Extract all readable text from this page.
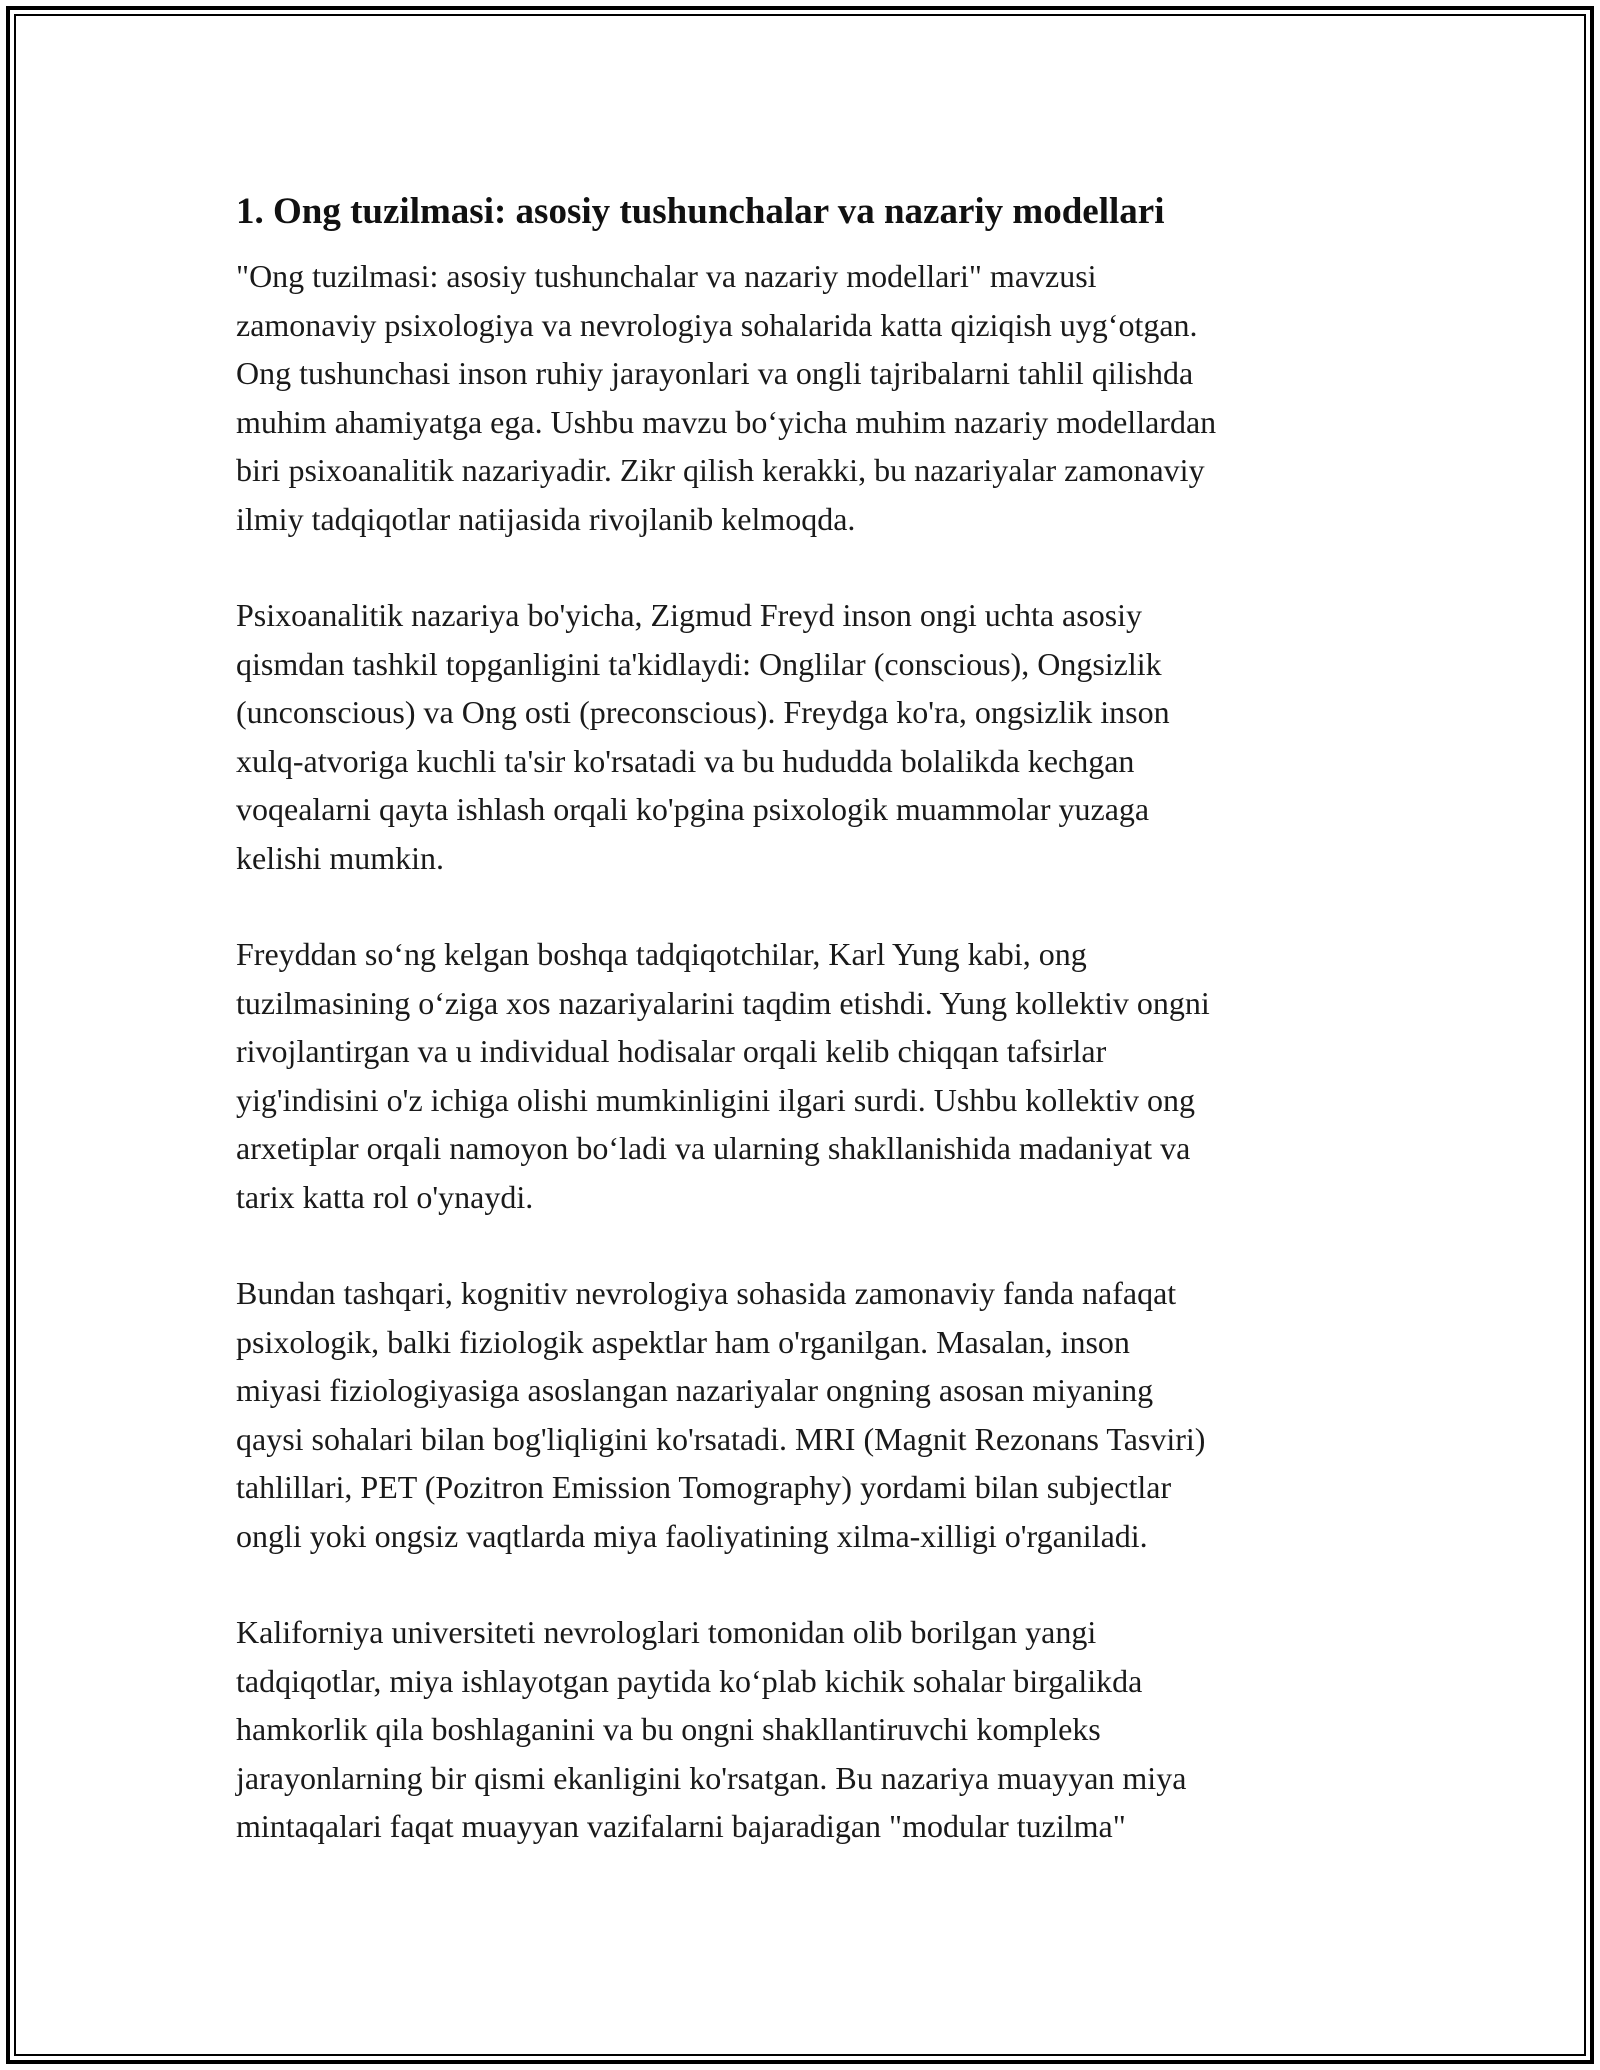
1. Ong tuzilmasi: asosiy tushunchalar va nazariy modellari

"Ong tuzilmasi: asosiy tushunchalar va nazariy modellari" mavzusi
zamonaviy psixologiya va nevrologiya sohalarida katta qiziqish uyg‘otgan.
Ong tushunchasi inson ruhiy jarayonlari va ongli tajribalarni tahlil qilishda
muhim ahamiyatga ega. Ushbu mavzu bo‘yicha muhim nazariy modellardan
biri psixoanalitik nazariyadir. Zikr qilish kerakki, bu nazariyalar zamonaviy
ilmiy tadqiqotlar natijasida rivojlanib kelmoqda.

Psixoanalitik nazariya bo'yicha, Zigmud Freyd inson ongi uchta asosiy
qismdan tashkil topganligini ta'kidlaydi: Onglilar (conscious), Ongsizlik
(unconscious) va Ong osti (preconscious). Freydga ko'ra, ongsizlik inson
xulq-atvoriga kuchli ta'sir ko'rsatadi va bu hududda bolalikda kechgan
voqealarni qayta ishlash orqali ko'pgina psixologik muammolar yuzaga
kelishi mumkin.

Freyddan so‘ng kelgan boshqa tadqiqotchilar, Karl Yung kabi, ong
tuzilmasining o‘ziga xos nazariyalarini taqdim etishdi. Yung kollektiv ongni
rivojlantirgan va u individual hodisalar orqali kelib chiqqan tafsirlar
yig'indisini o'z ichiga olishi mumkinligini ilgari surdi. Ushbu kollektiv ong
arxetiplar orqali namoyon bo‘ladi va ularning shakllanishida madaniyat va
tarix katta rol o'ynaydi.

Bundan tashqari, kognitiv nevrologiya sohasida zamonaviy fanda nafaqat
psixologik, balki fiziologik aspektlar ham o'rganilgan. Masalan, inson
miyasi fiziologiyasiga asoslangan nazariyalar ongning asosan miyaning
qaysi sohalari bilan bog'liqligini ko'rsatadi. MRI (Magnit Rezonans Tasviri)
tahlillari, PET (Pozitron Emission Tomography) yordami bilan subjectlar
ongli yoki ongsiz vaqtlarda miya faoliyatining xilma-xilligi o'rganiladi.

Kaliforniya universiteti nevrologlari tomonidan olib borilgan yangi
tadqiqotlar, miya ishlayotgan paytida ko‘plab kichik sohalar birgalikda
hamkorlik qila boshlaganini va bu ongni shakllantiruvchi kompleks
jarayonlarning bir qismi ekanligini ko'rsatgan. Bu nazariya muayyan miya
mintaqalari faqat muayyan vazifalarni bajaradigan "modular tuzilma"
